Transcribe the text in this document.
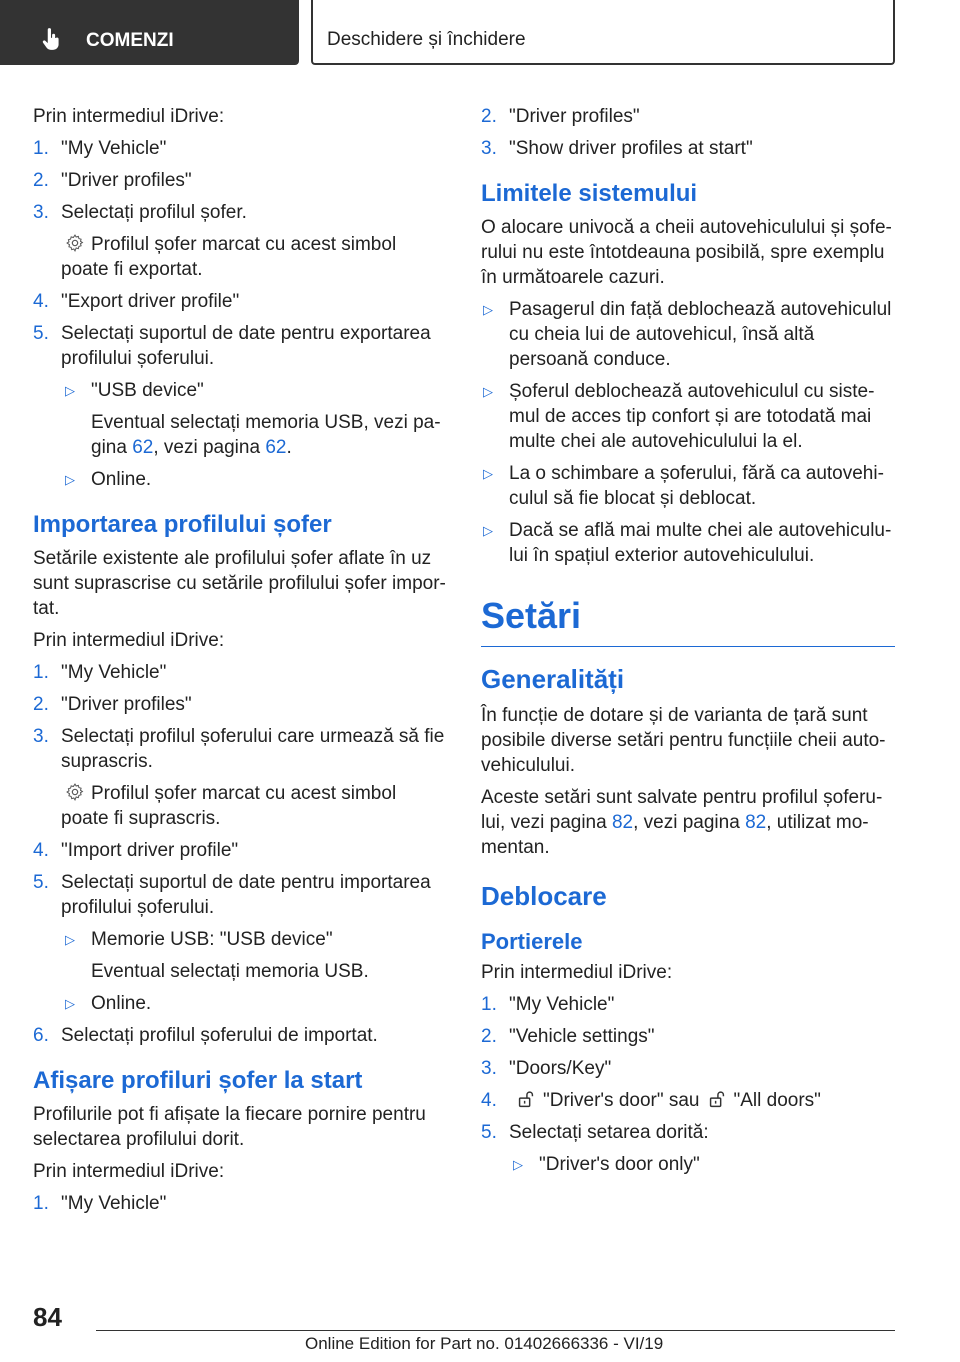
COMENZI	Deschidere și închidere

Prin intermediul iDrive:

1. "My Vehicle"
2. "Driver profiles"
3. Selectați profilul șofer.
Profilul șofer marcat cu acest simbol poate fi exportat.
4. "Export driver profile"
5. Selectați suportul de date pentru exportarea profilului șoferului.
▷ "USB device"
Eventual selectați memoria USB, vezi pa-gina 62, vezi pagina 62.
▷ Online.
Importarea profilului șofer

Setările existente ale profilului șofer aflate în uz sunt suprascrise cu setările profilului șofer impor-tat.

Prin intermediul iDrive:

1. "My Vehicle"
2. "Driver profiles"
3. Selectați profilul șoferului care urmează să fie suprascris.
Profilul șofer marcat cu acest simbol poate fi suprascris.
4. "Import driver profile"
5. Selectați suportul de date pentru importarea profilului șoferului.
▷ Memorie USB: "USB device"
Eventual selectați memoria USB.
▷ Online.
6. Selectați profilul șoferului de importat.
Afișare profiluri șofer la start

Profilurile pot fi afișate la fiecare pornire pentru selectarea profilului dorit.

Prin intermediul iDrive:

1. "My Vehicle"
2. "Driver profiles"
3. "Show driver profiles at start"
Limitele sistemului

O alocare univocă a cheii autovehiculului și șofe-rului nu este întotdeauna posibilă, spre exemplu în următoarele cazuri.

▷ Pasagerul din față deblochează autovehiculul cu cheia lui de autovehicul, însă altă persoană conduce.
▷ Șoferul deblochează autovehiculul cu siste-mul de acces tip confort și are totodată mai multe chei ale autovehiculului la el.
▷ La o schimbare a șoferului, fără ca autovehi-culul să fie blocat și deblocat.
▷ Dacă se află mai multe chei ale autovehiculu-lui în spațiul exterior autovehiculului.
Setări
Generalități

În funcție de dotare și de varianta de țară sunt posibile diverse setări pentru funcțiile cheii auto-vehiculului.

Aceste setări sunt salvate pentru profilul șoferu-lui, vezi pagina 82, vezi pagina 82, utilizat mo-mentan.

Deblocare
Portierele

Prin intermediul iDrive:

1. "My Vehicle"
2. "Vehicle settings"
3. "Doors/Key"
4. "Driver's door" sau "All doors"
5. Selectați setarea dorită:
▷ "Driver's door only"
84
Online Edition for Part no. 01402666336 - VI/19
